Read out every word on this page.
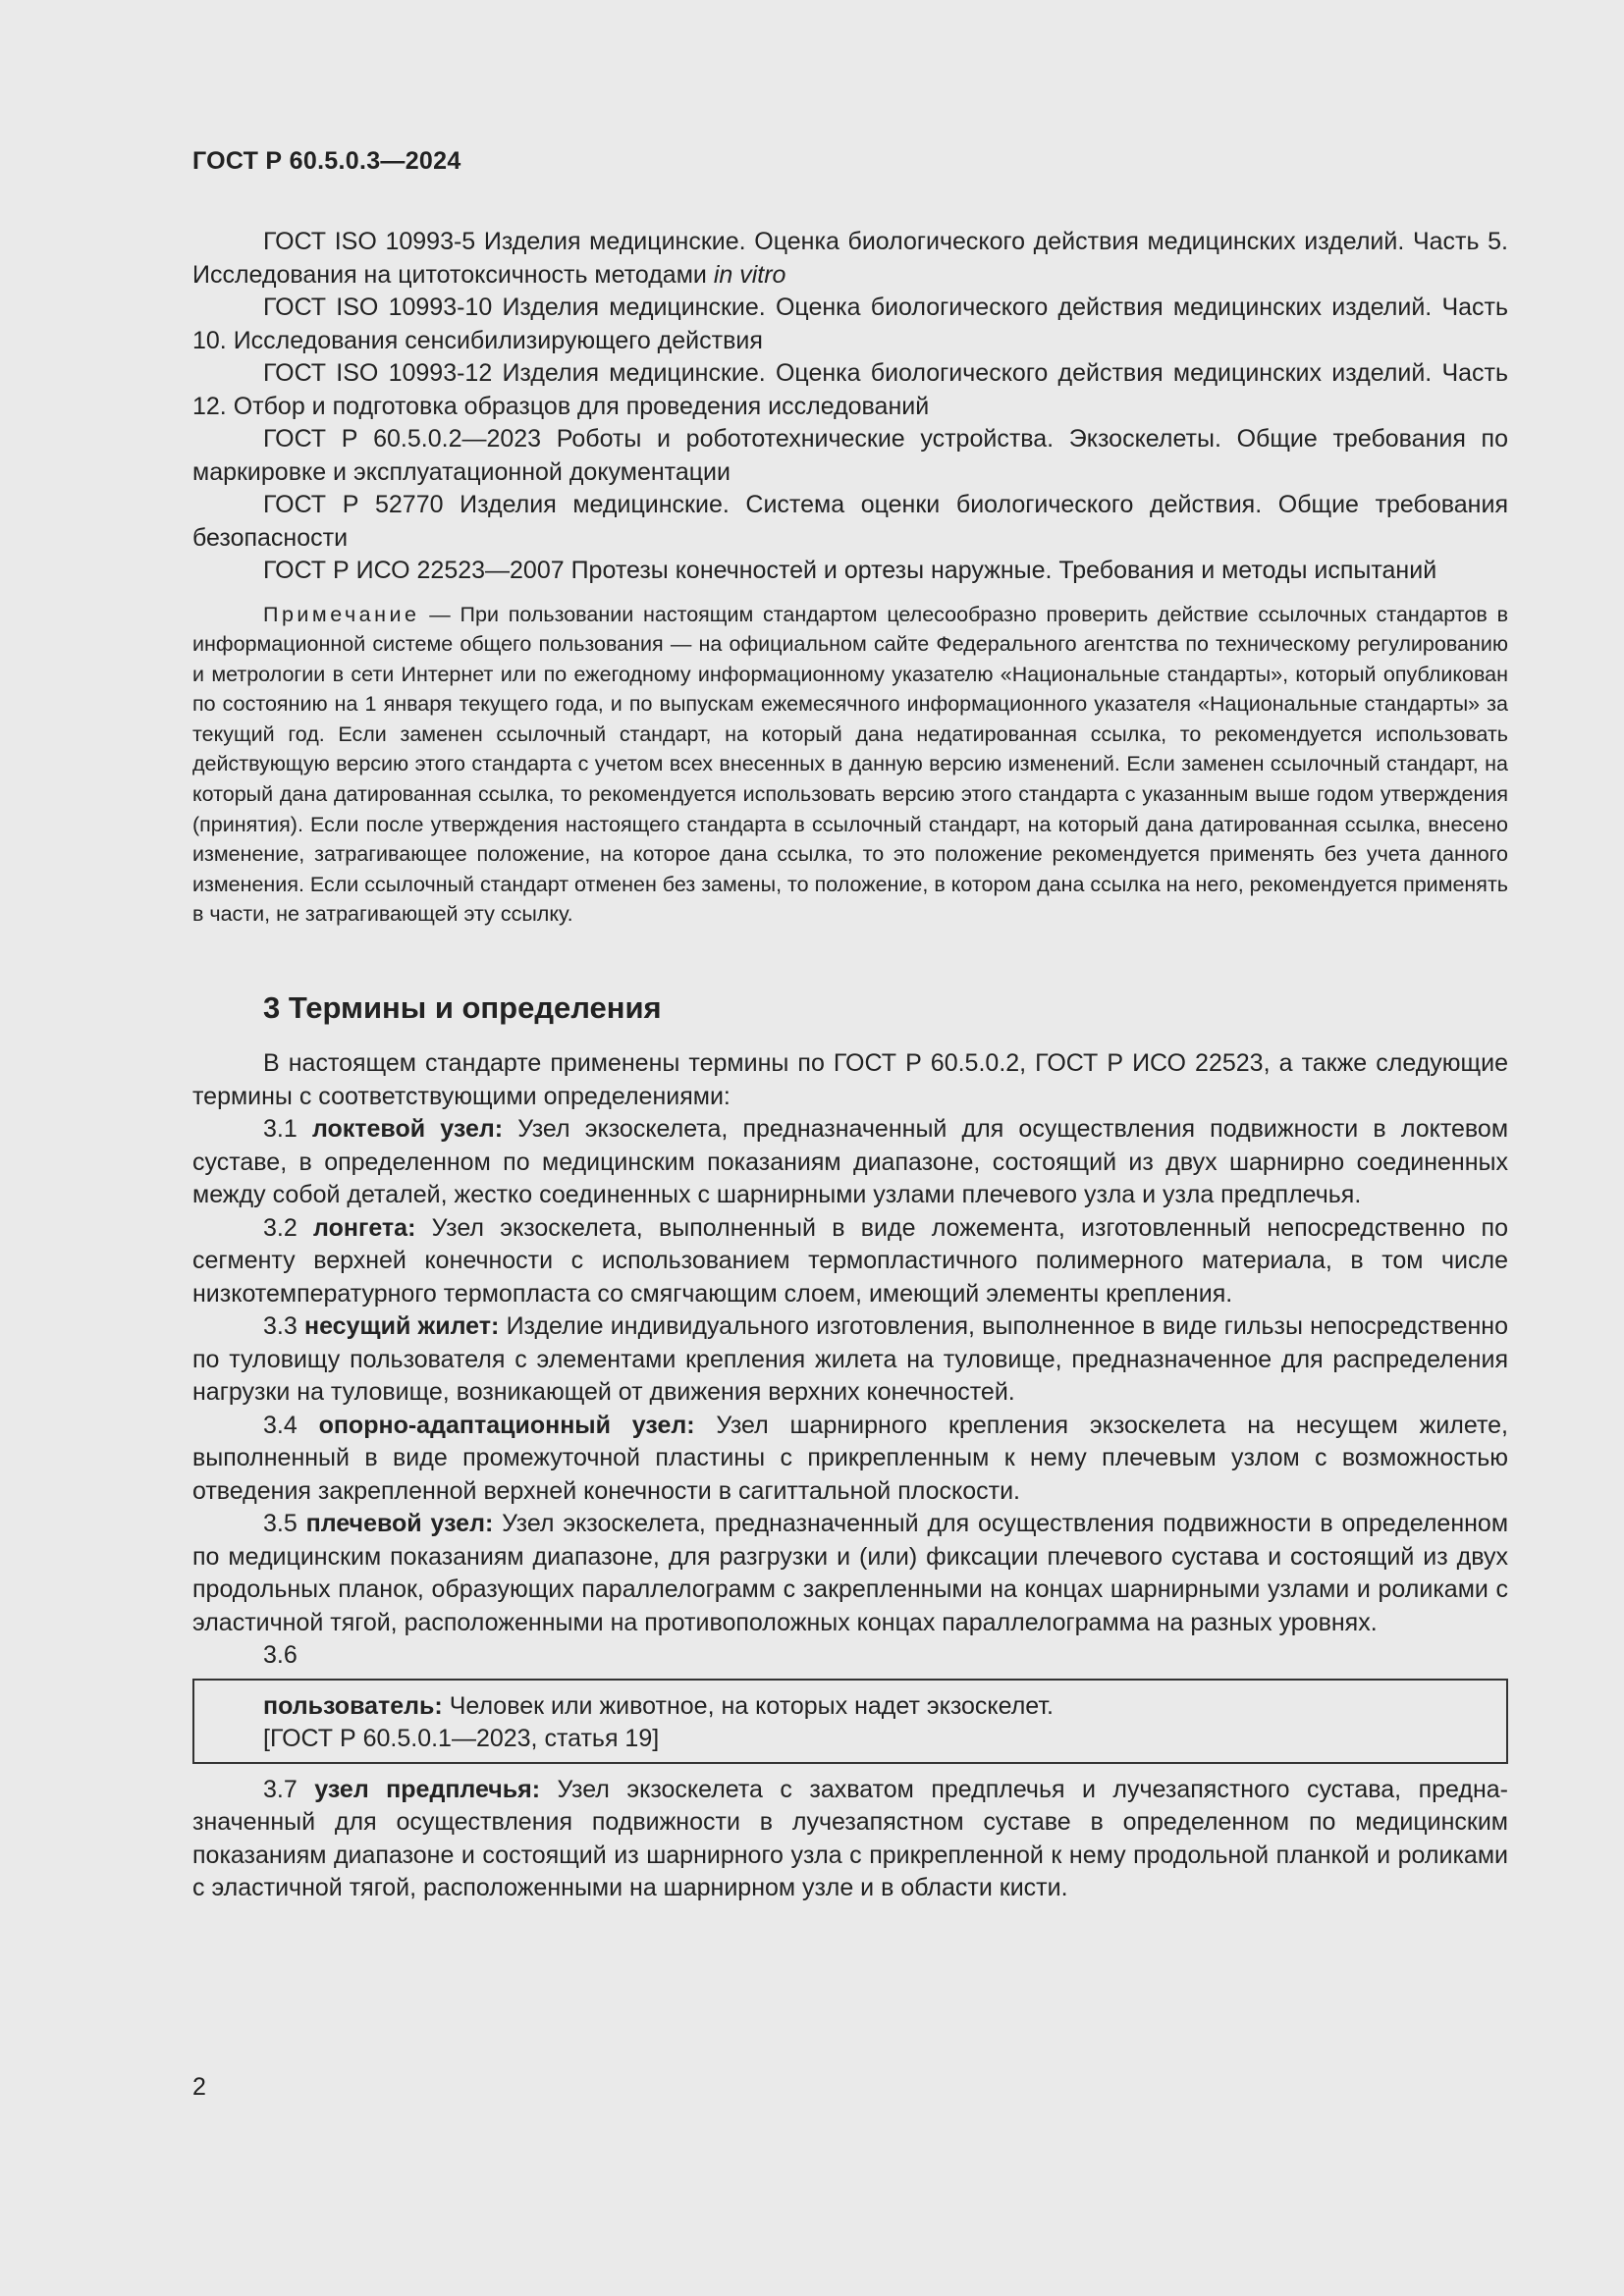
ГОСТ Р 60.5.0.3—2024

ГОСТ ISO 10993-5 Изделия медицинские. Оценка биологического действия медицинских изделий. Часть 5. Исследования на цитотоксичность методами in vitro

ГОСТ ISO 10993-10 Изделия медицинские. Оценка биологического действия медицинских изделий. Часть 10. Исследования сенсибилизирующего действия

ГОСТ ISO 10993-12 Изделия медицинские. Оценка биологического действия медицинских изделий. Часть 12. Отбор и подготовка образцов для проведения исследований

ГОСТ Р 60.5.0.2—2023 Роботы и робототехнические устройства. Экзоскелеты. Общие требования по маркировке и эксплуатационной документации

ГОСТ Р 52770 Изделия медицинские. Система оценки биологического действия. Общие требования безопасности

ГОСТ Р ИСО 22523—2007 Протезы конечностей и ортезы наружные. Требования и методы испытаний

Примечание — При пользовании настоящим стандартом целесообразно проверить действие ссылочных стандартов в информационной системе общего пользования — на официальном сайте Федерального агентства по техническому регулированию и метрологии в сети Интернет или по ежегодному информационному указателю «Национальные стандарты», который опубликован по состоянию на 1 января текущего года, и по выпускам ежемесячного информационного указателя «Национальные стандарты» за текущий год. Если заменен ссылочный стандарт, на который дана недатированная ссылка, то рекомендуется использовать действующую версию этого стандарта с учетом всех внесенных в данную версию изменений. Если заменен ссылочный стандарт, на который дана датированная ссылка, то рекомендуется использовать версию этого стандарта с указанным выше годом утверждения (принятия). Если после утверждения настоящего стандарта в ссылочный стандарт, на который дана датированная ссылка, внесено изменение, затрагивающее положение, на которое дана ссылка, то это положение рекомендуется применять без учета данного изменения. Если ссылочный стандарт отменен без замены, то положение, в котором дана ссылка на него, рекомендуется применять в части, не затрагивающей эту ссылку.

3 Термины и определения

В настоящем стандарте применены термины по ГОСТ Р 60.5.0.2, ГОСТ Р ИСО 22523, а также следующие термины с соответствующими определениями:

3.1 локтевой узел: Узел экзоскелета, предназначенный для осуществления подвижности в локтевом суставе, в определенном по медицинским показаниям диапазоне, состоящий из двух шарнирно соединенных между собой деталей, жестко соединенных с шарнирными узлами плечевого узла и узла предплечья.

3.2 лонгета: Узел экзоскелета, выполненный в виде ложемента, изготовленный непосредственно по сегменту верхней конечности с использованием термопластичного полимерного материала, в том числе низкотемпературного термопласта со смягчающим слоем, имеющий элементы крепления.

3.3 несущий жилет: Изделие индивидуального изготовления, выполненное в виде гильзы непосредственно по туловищу пользователя с элементами крепления жилета на туловище, предназначенное для распределения нагрузки на туловище, возникающей от движения верхних конечностей.

3.4 опорно-адаптационный узел: Узел шарнирного крепления экзоскелета на несущем жилете, выполненный в виде промежуточной пластины с прикрепленным к нему плечевым узлом с возможностью отведения закрепленной верхней конечности в сагиттальной плоскости.

3.5 плечевой узел: Узел экзоскелета, предназначенный для осуществления подвижности в определенном по медицинским показаниям диапазоне, для разгрузки и (или) фиксации плечевого сустава и состоящий из двух продольных планок, образующих параллелограмм с закрепленными на концах шарнирными узлами и роликами с эластичной тягой, расположенными на противоположных концах параллелограмма на разных уровнях.

3.6
пользователь: Человек или животное, на которых надет экзоскелет.
[ГОСТ Р 60.5.0.1—2023, статья 19]

3.7 узел предплечья: Узел экзоскелета с захватом предплечья и лучезапястного сустава, предназначенный для осуществления подвижности в лучезапястном суставе в определенном по медицинским показаниям диапазоне и состоящий из шарнирного узла с прикрепленной к нему продольной планкой и роликами с эластичной тягой, расположенными на шарнирном узле и в области кисти.

2
